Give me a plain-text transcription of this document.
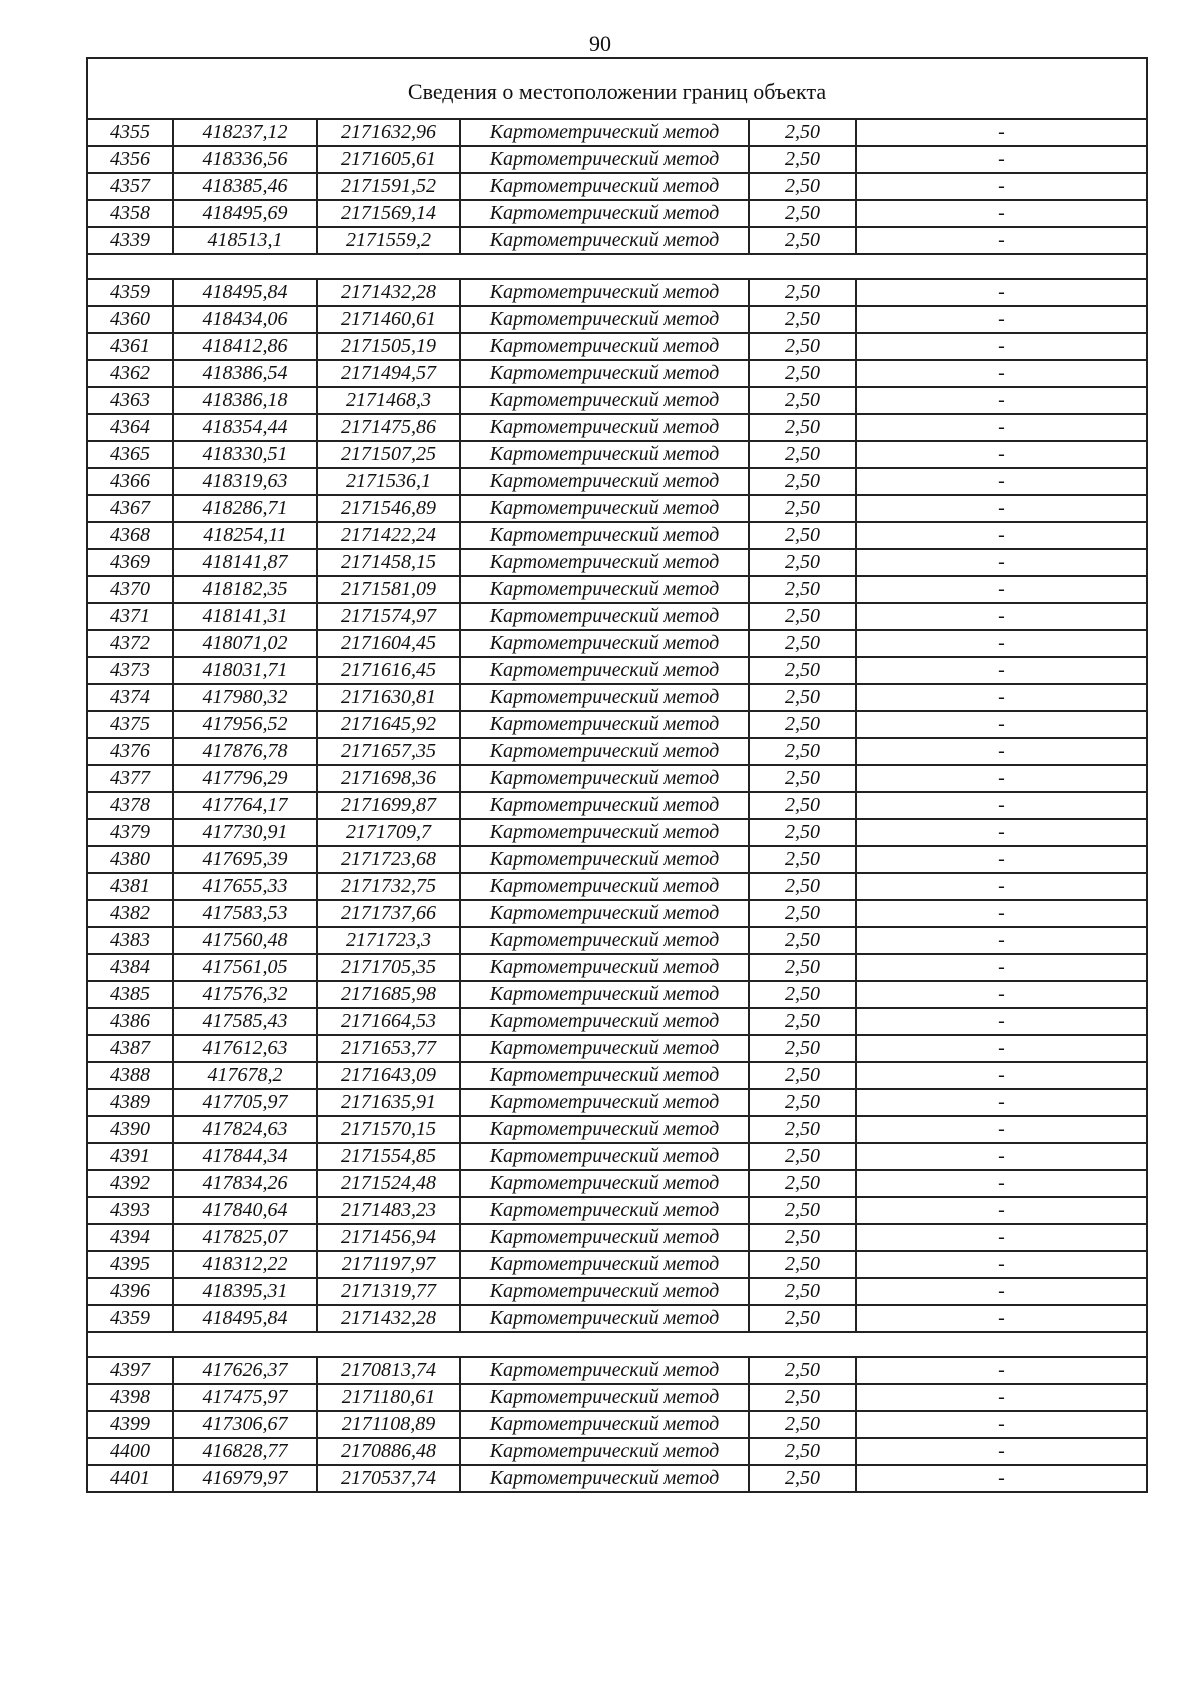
90
Сведения о местоположении границ объекта
4355	418237,12	2171632,96	Картометрический метод	2,50	-
4356	418336,56	2171605,61	Картометрический метод	2,50	-
4357	418385,46	2171591,52	Картометрический метод	2,50	-
4358	418495,69	2171569,14	Картометрический метод	2,50	-
4339	418513,1	2171559,2	Картометрический метод	2,50	-

4359	418495,84	2171432,28	Картометрический метод	2,50	-
4360	418434,06	2171460,61	Картометрический метод	2,50	-
4361	418412,86	2171505,19	Картометрический метод	2,50	-
4362	418386,54	2171494,57	Картометрический метод	2,50	-
4363	418386,18	2171468,3	Картометрический метод	2,50	-
4364	418354,44	2171475,86	Картометрический метод	2,50	-
4365	418330,51	2171507,25	Картометрический метод	2,50	-
4366	418319,63	2171536,1	Картометрический метод	2,50	-
4367	418286,71	2171546,89	Картометрический метод	2,50	-
4368	418254,11	2171422,24	Картометрический метод	2,50	-
4369	418141,87	2171458,15	Картометрический метод	2,50	-
4370	418182,35	2171581,09	Картометрический метод	2,50	-
4371	418141,31	2171574,97	Картометрический метод	2,50	-
4372	418071,02	2171604,45	Картометрический метод	2,50	-
4373	418031,71	2171616,45	Картометрический метод	2,50	-
4374	417980,32	2171630,81	Картометрический метод	2,50	-
4375	417956,52	2171645,92	Картометрический метод	2,50	-
4376	417876,78	2171657,35	Картометрический метод	2,50	-
4377	417796,29	2171698,36	Картометрический метод	2,50	-
4378	417764,17	2171699,87	Картометрический метод	2,50	-
4379	417730,91	2171709,7	Картометрический метод	2,50	-
4380	417695,39	2171723,68	Картометрический метод	2,50	-
4381	417655,33	2171732,75	Картометрический метод	2,50	-
4382	417583,53	2171737,66	Картометрический метод	2,50	-
4383	417560,48	2171723,3	Картометрический метод	2,50	-
4384	417561,05	2171705,35	Картометрический метод	2,50	-
4385	417576,32	2171685,98	Картометрический метод	2,50	-
4386	417585,43	2171664,53	Картометрический метод	2,50	-
4387	417612,63	2171653,77	Картометрический метод	2,50	-
4388	417678,2	2171643,09	Картометрический метод	2,50	-
4389	417705,97	2171635,91	Картометрический метод	2,50	-
4390	417824,63	2171570,15	Картометрический метод	2,50	-
4391	417844,34	2171554,85	Картометрический метод	2,50	-
4392	417834,26	2171524,48	Картометрический метод	2,50	-
4393	417840,64	2171483,23	Картометрический метод	2,50	-
4394	417825,07	2171456,94	Картометрический метод	2,50	-
4395	418312,22	2171197,97	Картометрический метод	2,50	-
4396	418395,31	2171319,77	Картометрический метод	2,50	-
4359	418495,84	2171432,28	Картометрический метод	2,50	-

4397	417626,37	2170813,74	Картометрический метод	2,50	-
4398	417475,97	2171180,61	Картометрический метод	2,50	-
4399	417306,67	2171108,89	Картометрический метод	2,50	-
4400	416828,77	2170886,48	Картометрический метод	2,50	-
4401	416979,97	2170537,74	Картометрический метод	2,50	-
